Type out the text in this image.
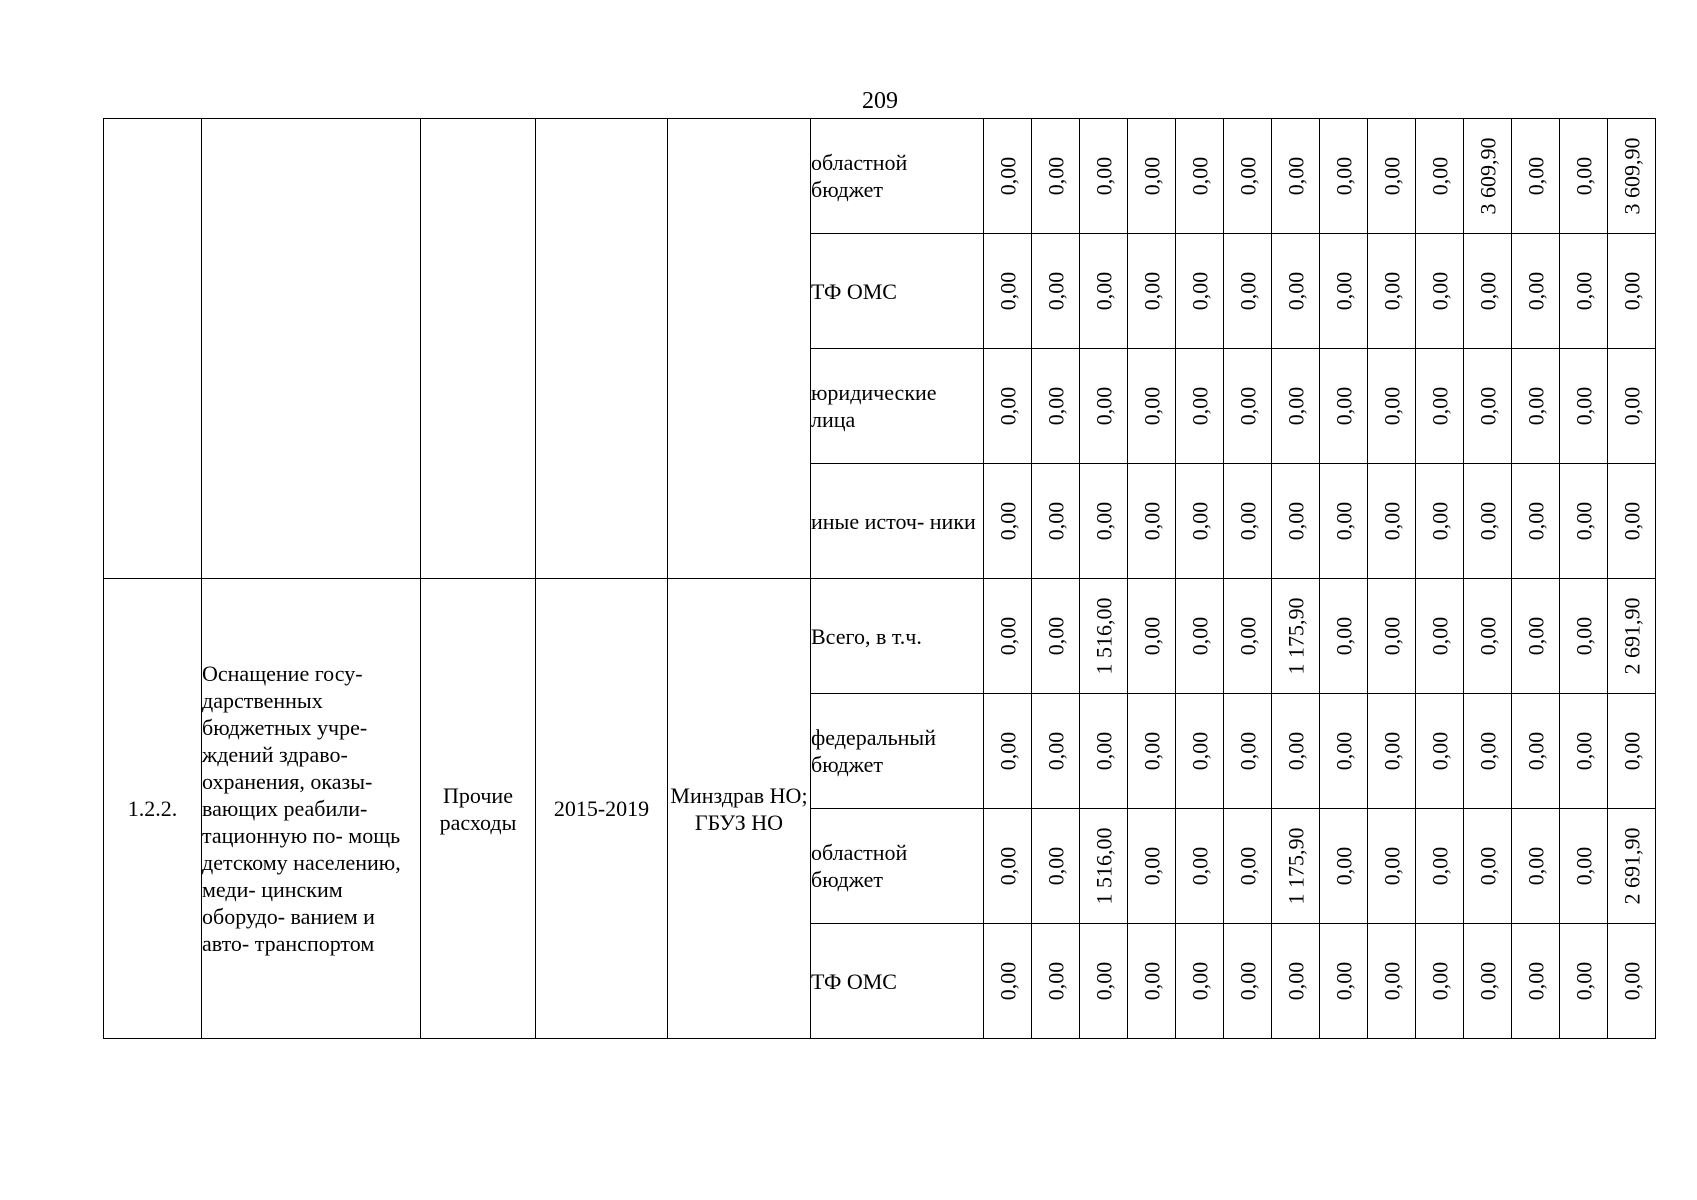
209
					областной бюджет	0,00	0,00	0,00	0,00	0,00	0,00	0,00	0,00	0,00	0,00	3 609,90	0,00	0,00	3 609,90

					ТФ ОМС	0,00	0,00	0,00	0,00	0,00	0,00	0,00	0,00	0,00	0,00	0,00	0,00	0,00	0,00

					юридические лица	0,00	0,00	0,00	0,00	0,00	0,00	0,00	0,00	0,00	0,00	0,00	0,00	0,00	0,00

					иные источ- ники	0,00	0,00	0,00	0,00	0,00	0,00	0,00	0,00	0,00	0,00	0,00	0,00	0,00	0,00

1.2.2.	Оснащение госу- дарственных бюджетных учре- ждений здраво- охранения, оказы- вающих реабили- тационную по- мощь детскому населению, меди- цинским оборудо- ванием и авто- транспортом	Прочие расходы	2015-2019	Минздрав НО; ГБУЗ НО	Всего, в т.ч.	0,00	0,00	1 516,00	0,00	0,00	0,00	1 175,90	0,00	0,00	0,00	0,00	0,00	0,00	2 691,90

					федеральный бюджет	0,00	0,00	0,00	0,00	0,00	0,00	0,00	0,00	0,00	0,00	0,00	0,00	0,00	0,00

					областной бюджет	0,00	0,00	1 516,00	0,00	0,00	0,00	1 175,90	0,00	0,00	0,00	0,00	0,00	0,00	2 691,90

					ТФ ОМС	0,00	0,00	0,00	0,00	0,00	0,00	0,00	0,00	0,00	0,00	0,00	0,00	0,00	0,00
